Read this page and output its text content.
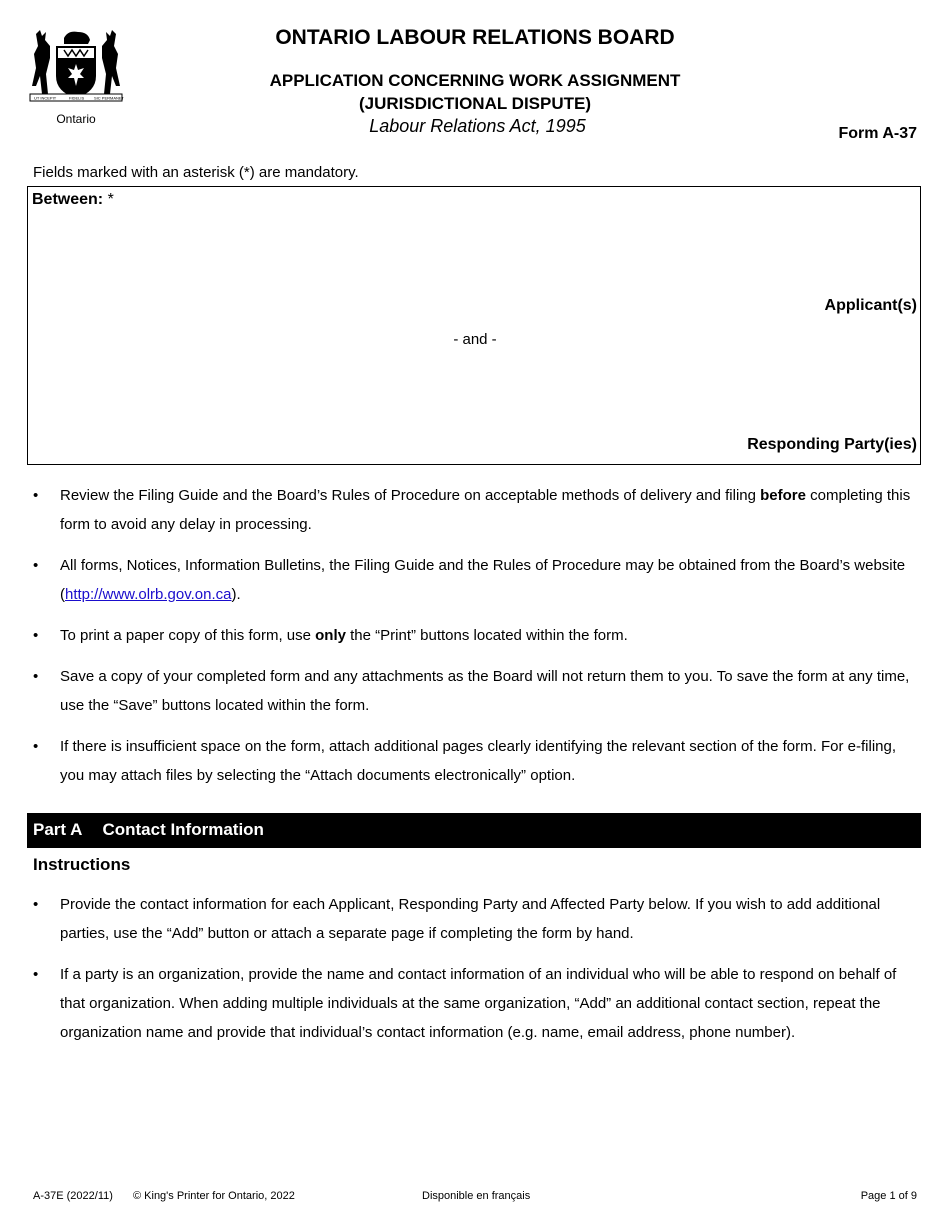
UT INCEPIT	FIDELIS SIC PERMANET
Ontario
ONTARIO LABOUR RELATIONS BOARD
APPLICATION CONCERNING WORK ASSIGNMENT
(JURISDICTIONAL DISPUTE)
Labour Relations Act, 1995	Form A-37
Fields marked with an asterisk (*) are mandatory.
Between: *
Applicant(s)
- and -
Responding Party(ies)
• Review the Filing Guide and the Board’s Rules of Procedure on acceptable methods of delivery and filing before completing this form to avoid any delay in processing.
• All forms, Notices, Information Bulletins, the Filing Guide and the Rules of Procedure may be obtained from the Board’s website (http://www.olrb.gov.on.ca).
• To print a paper copy of this form, use only the “Print” buttons located within the form.
• Save a copy of your completed form and any attachments as the Board will not return them to you. To save the form at any time, use the “Save” buttons located within the form.
• If there is insufficient space on the form, attach additional pages clearly identifying the relevant section of the form. For e-filing, you may attach files by selecting the “Attach documents electronically” option.
Part A Contact Information
Instructions
• Provide the contact information for each Applicant, Responding Party and Affected Party below. If you wish to add additional parties, use the “Add” button or attach a separate page if completing the form by hand.
• If a party is an organization, provide the name and contact information of an individual who will be able to respond on behalf of that organization. When adding multiple individuals at the same organization, “Add” an additional contact section, repeat the organization name and provide that individual’s contact information (e.g. name, email address, phone number).
A-37E (2022/11) © King's Printer for Ontario, 2022	Disponible en français	Page 1 of 9
